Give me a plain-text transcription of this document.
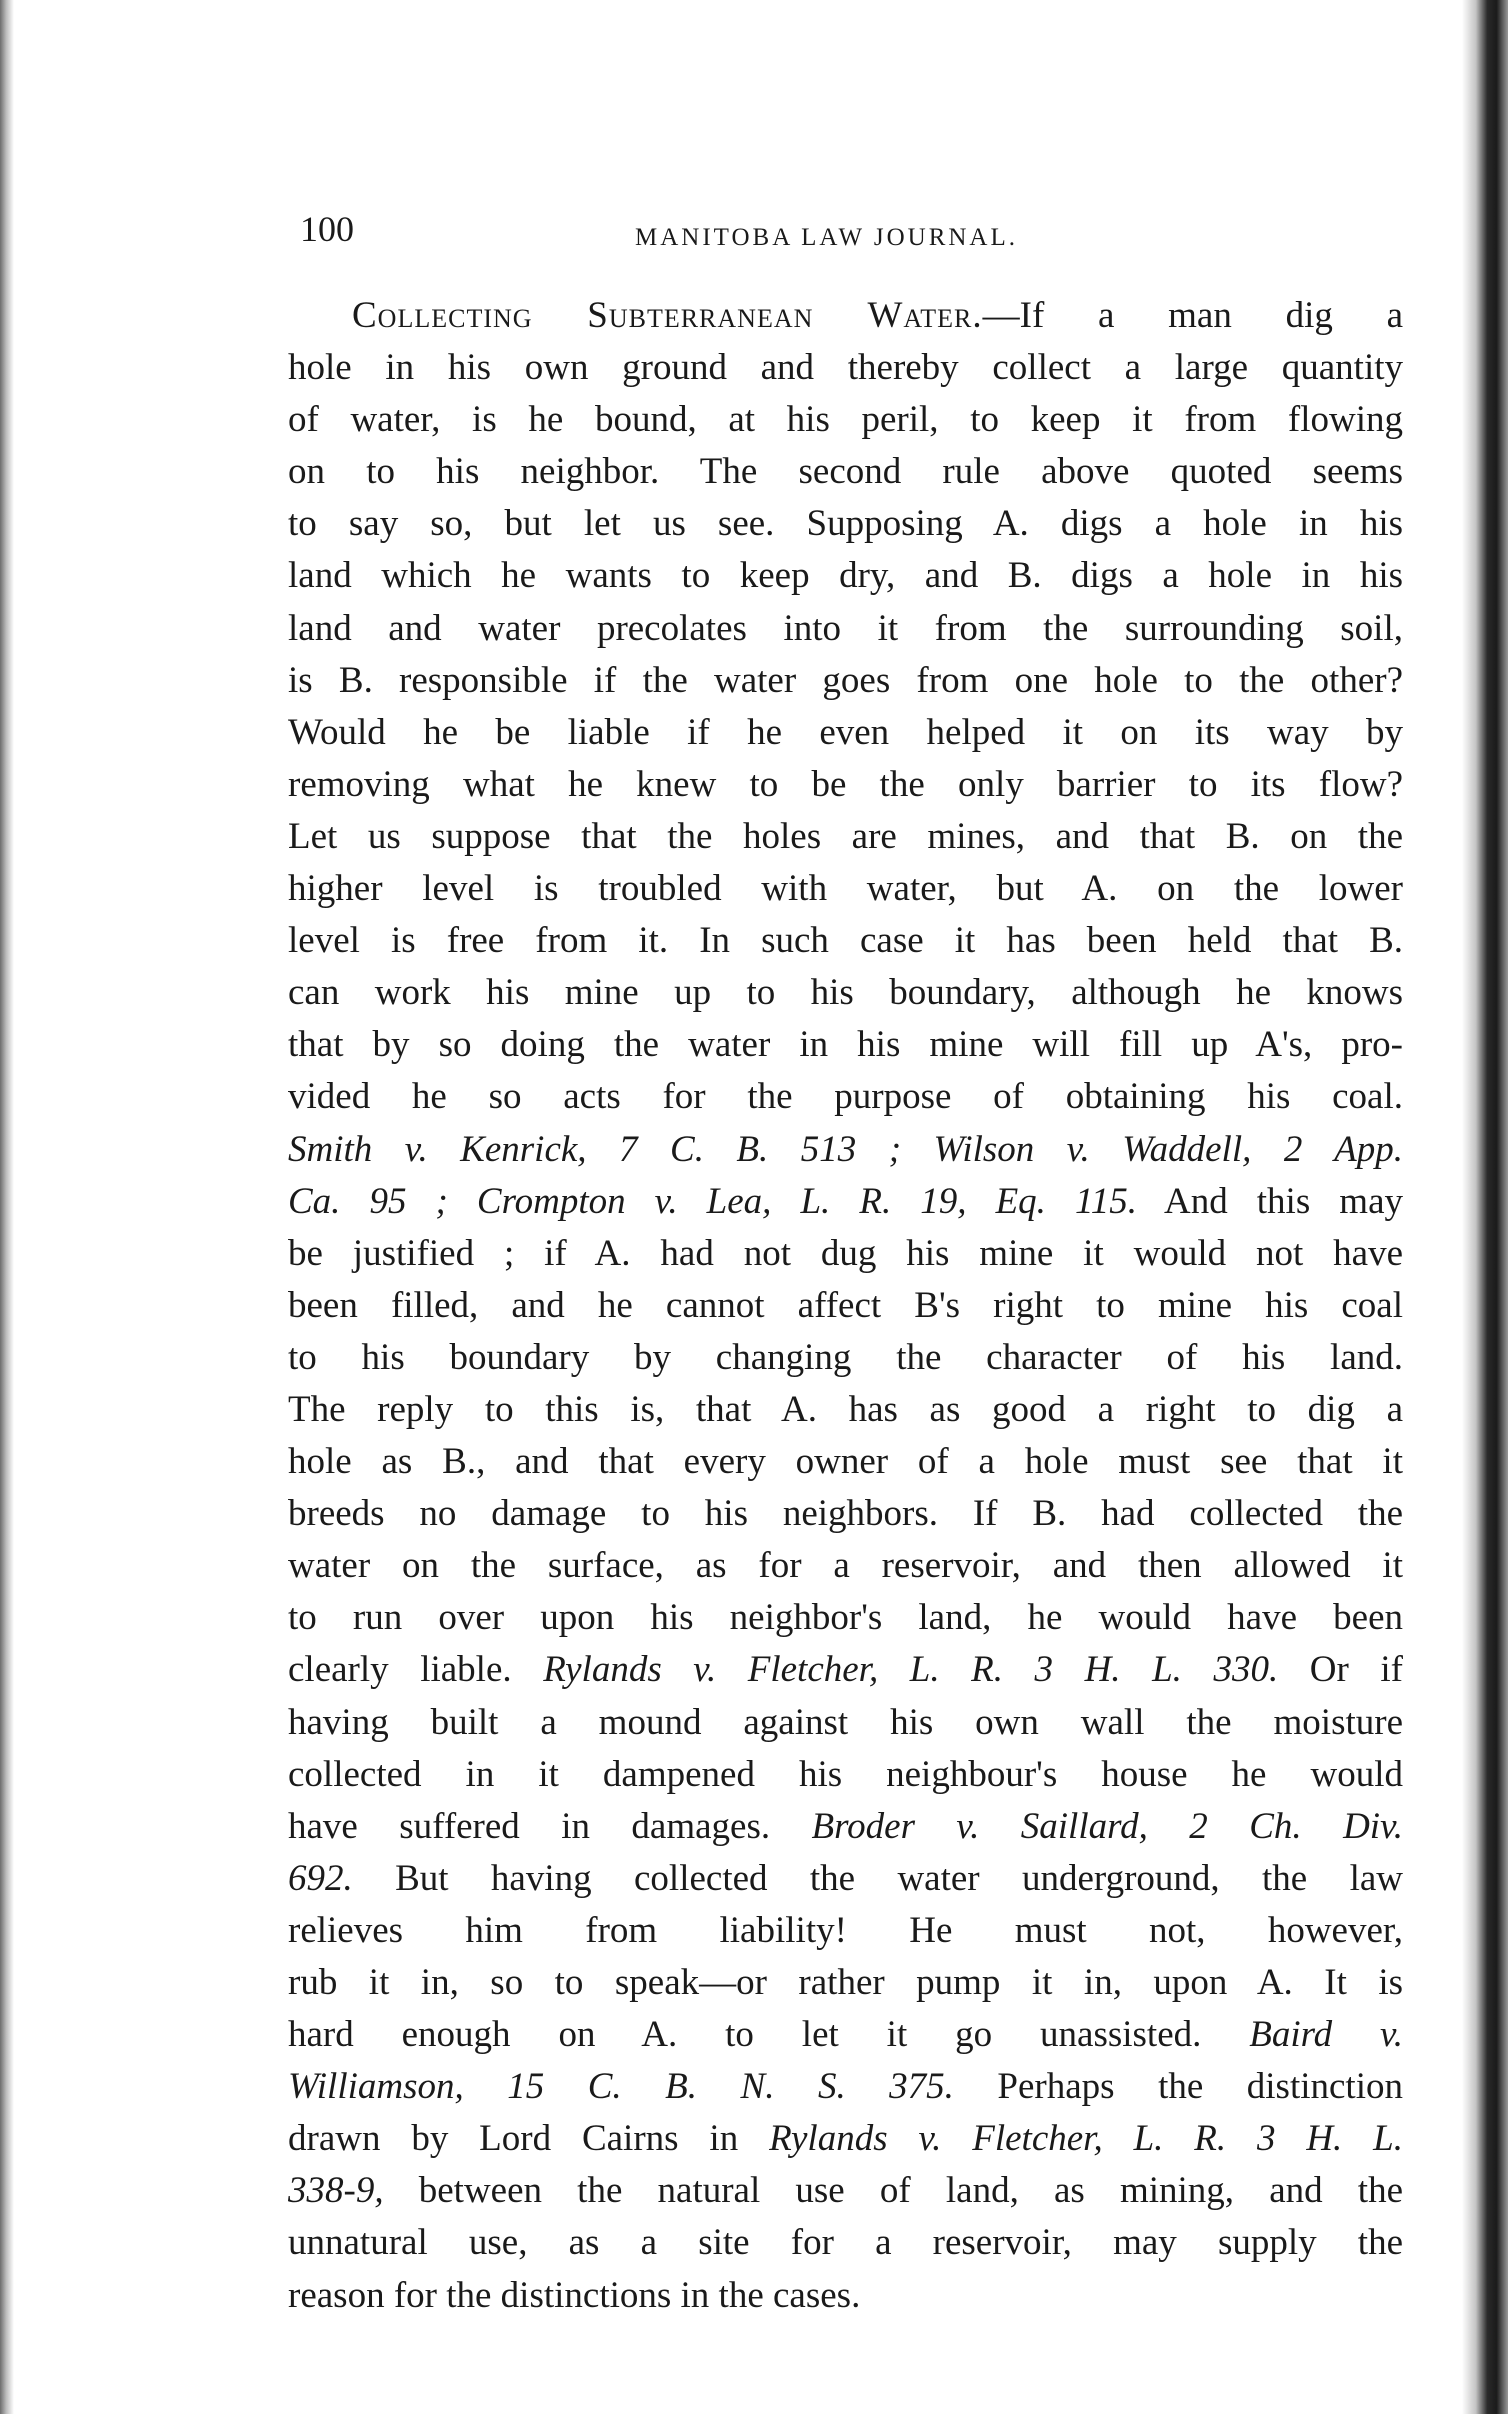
100	MANITOBA LAW JOURNAL.
Collecting Subterranean Water.—If a man dig a
hole in his own ground and thereby collect a large quantity
of water, is he bound, at his peril, to keep it from flowing
on to his neighbor. The second rule above quoted seems
to say so, but let us see. Supposing A. digs a hole in his
land which he wants to keep dry, and B. digs a hole in his
land and water precolates into it from the surrounding soil,
is B. responsible if the water goes from one hole to the other?
Would he be liable if he even helped it on its way by
removing what he knew to be the only barrier to its flow?
Let us suppose that the holes are mines, and that B. on the
higher level is troubled with water, but A. on the lower
level is free from it. In such case it has been held that B.
can work his mine up to his boundary, although he knows
that by so doing the water in his mine will fill up A's, pro-
vided he so acts for the purpose of obtaining his coal.
Smith v. Kenrick, 7 C. B. 513 ; Wilson v. Waddell, 2 App.
Ca. 95 ; Crompton v. Lea, L. R. 19, Eq. 115. And this may
be justified ; if A. had not dug his mine it would not have
been filled, and he cannot affect B's right to mine his coal
to his boundary by changing the character of his land.
The reply to this is, that A. has as good a right to dig a
hole as B., and that every owner of a hole must see that it
breeds no damage to his neighbors. If B. had collected the
water on the surface, as for a reservoir, and then allowed it
to run over upon his neighbor's land, he would have been
clearly liable. Rylands v. Fletcher, L. R. 3 H. L. 330. Or if
having built a mound against his own wall the moisture
collected in it dampened his neighbour's house he would
have suffered in damages. Broder v. Saillard, 2 Ch. Div.
692. But having collected the water underground, the law
relieves him from liability! He must not, however,
rub it in, so to speak—or rather pump it in, upon A. It is
hard enough on A. to let it go unassisted. Baird v.
Williamson, 15 C. B. N. S. 375. Perhaps the distinction
drawn by Lord Cairns in Rylands v. Fletcher, L. R. 3 H. L.
338-9, between the natural use of land, as mining, and the
unnatural use, as a site for a reservoir, may supply the
reason for the distinctions in the cases.
